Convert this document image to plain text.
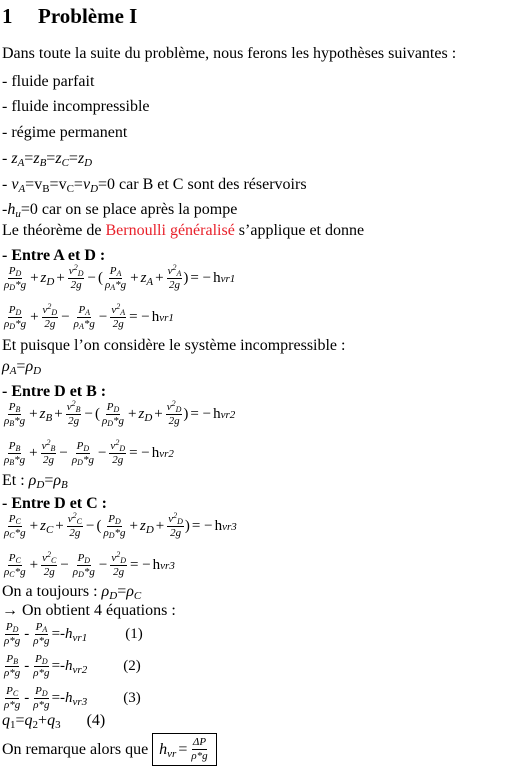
1 Problème I
Dans toute la suite du problème, nous ferons les hypothèses suivantes :
- fluide parfait
- fluide incompressible
- régime permanent
- $z_A=z_B=z_C=z_D$
- $v_A=v_B=v_C=v_D=0$ car B et C sont des réservoirs
$-h_u=0$ car on se place après la pompe
Le théorème de Bernoulli généralisé s’applique et donne
- Entre A et D :
$\frac{P_D}{\rho_D*g} + z_D + \frac{v^2_D}{2g}$ − ( $\frac{P_A}{\rho_A*g} + z_A + \frac{v^2_A}{2g}$ ) = − h vr1
$\frac{P_D}{\rho_D*g} + \frac{v^2_D}{2g} - \frac{P_A}{\rho_A*g} - \frac{v^2_A}{2g}$ = − h vr1
Et puisque l’on considère le système incompressible :
$\rho_A=\rho_D$
- Entre D et B :
$\frac{P_B}{\rho_B*g} + z_B + \frac{v^2_B}{2g}$ − ( $\frac{P_D}{\rho_D*g} + z_D + \frac{v^2_D}{2g}$ ) = − h vr2
$\frac{P_B}{\rho_B*g} + \frac{v^2_B}{2g} - \frac{P_D}{\rho_D*g} - \frac{v^2_D}{2g}$ = − h vr2
Et : $\rho_D=\rho_B$
- Entre D et C :
$\frac{P_C}{\rho_C*g} + z_C + \frac{v^2_C}{2g}$ − ( $\frac{P_D}{\rho_D*g} + z_D + \frac{v^2_D}{2g}$ ) = − h vr3
$\frac{P_C}{\rho_C*g} + \frac{v^2_C}{2g} - \frac{P_D}{\rho_D*g} - \frac{v^2_D}{2g}$ = − h vr3
On a toujours : $\rho_D=\rho_C$
→ On obtient 4 équations :
$\frac{P_D}{\rho*g} - \frac{P_A}{\rho*g} =- h_{vr1}$	(1)
$\frac{P_B}{\rho*g} - \frac{P_D}{\rho*g} =- h_{vr2}$ (2)
$\frac{P_C}{\rho*g} - \frac{P_D}{\rho*g} =- h_{vr3}$ (3)
$q_1=q_2+q_3$ (4)
On remarque alors que $h_{vr} = \frac{\Delta P}{\rho*g}$
